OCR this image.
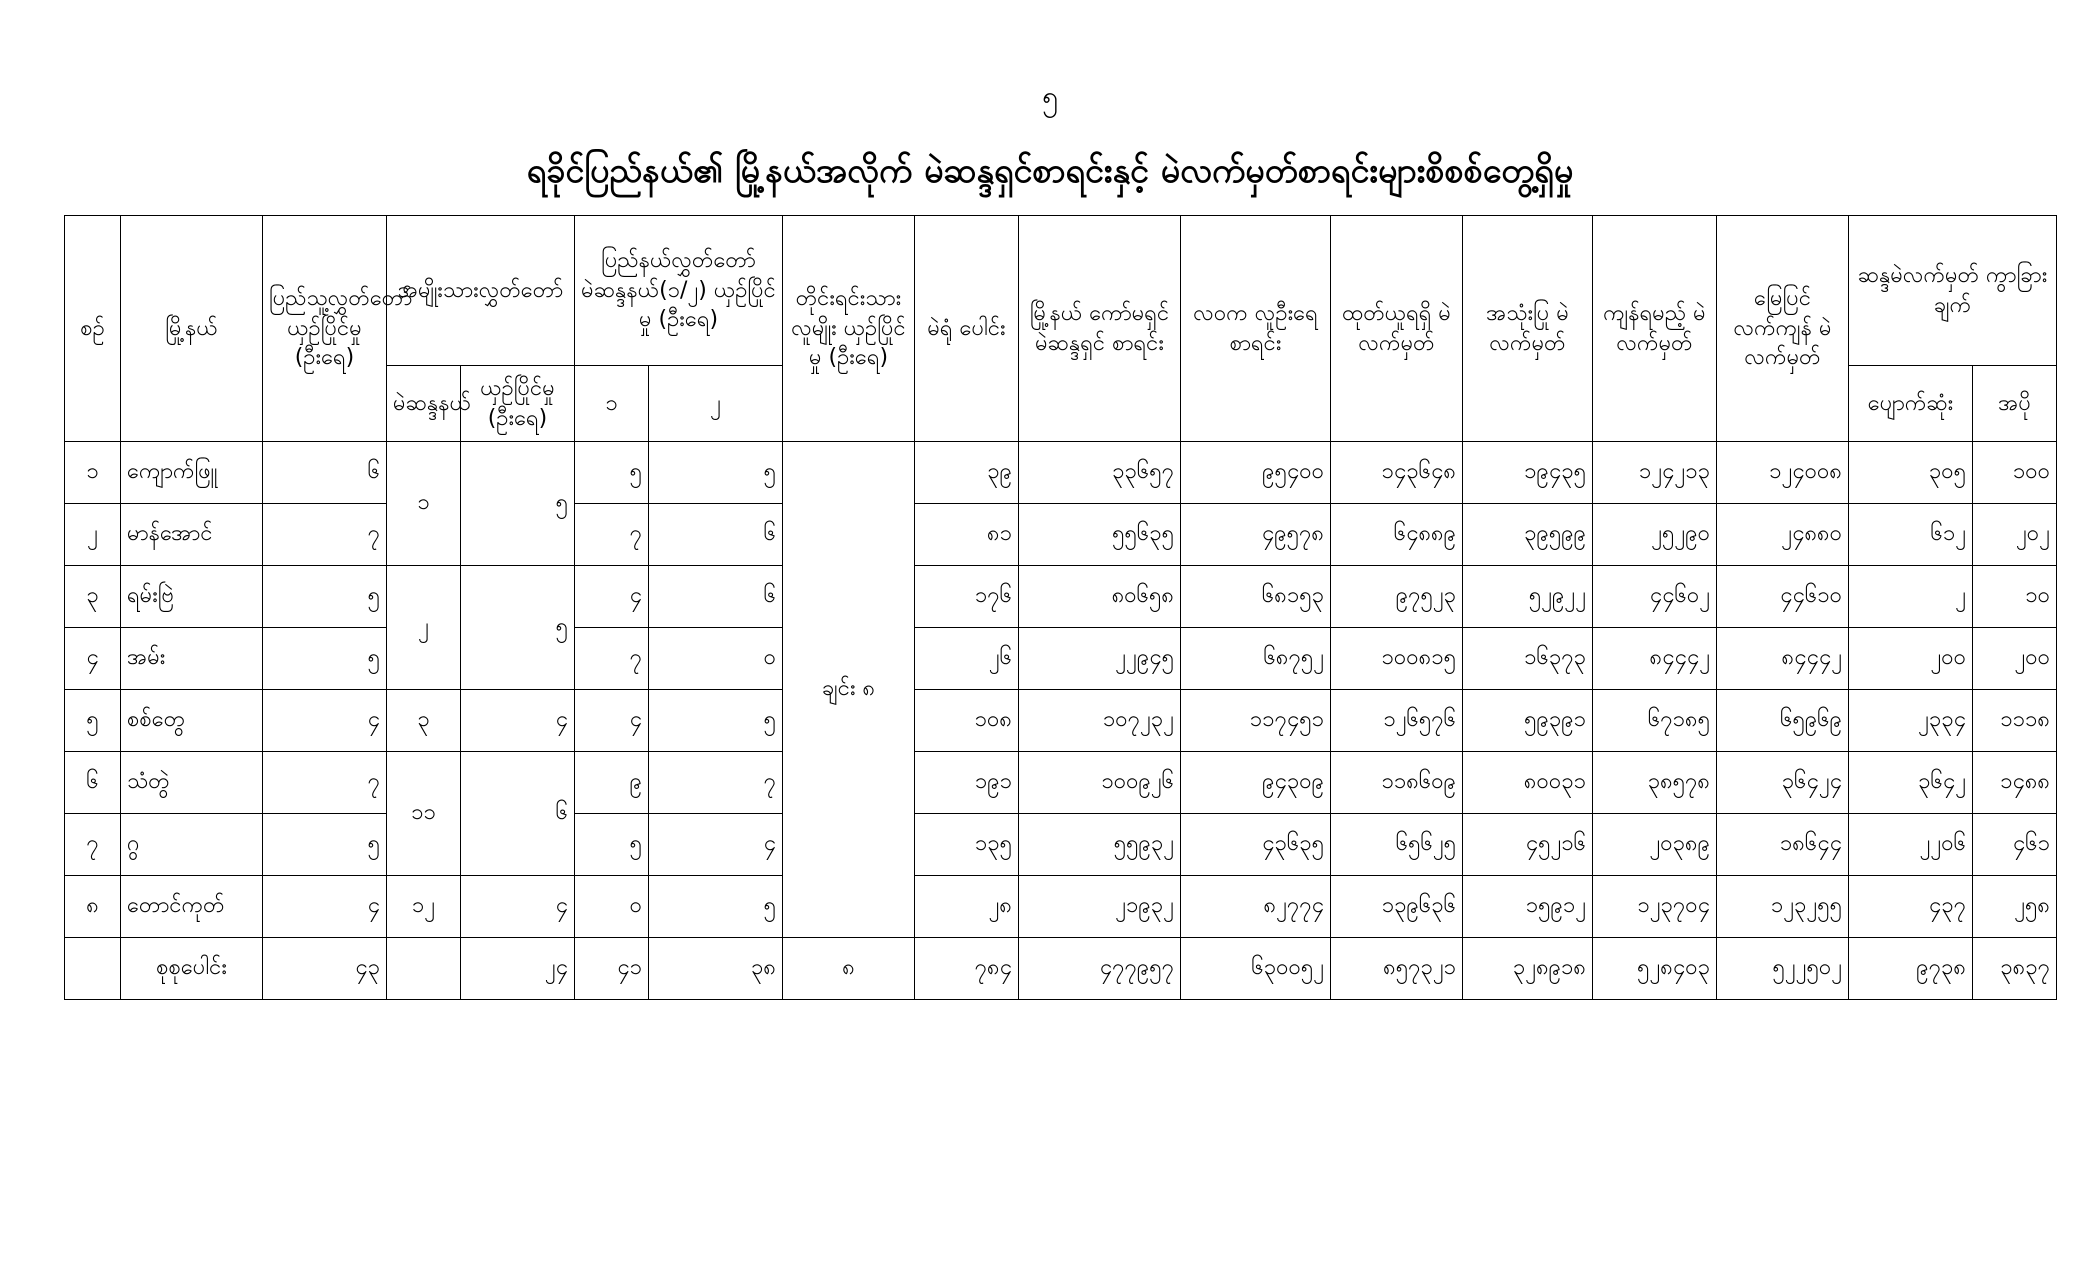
၅
ရခိုင်ပြည်နယ်၏ မြို့နယ်အလိုက် မဲဆန္ဒရှင်စာရင်းနှင့် မဲလက်မှတ်စာရင်းများစိစစ်တွေ့ရှိမှု
စဉ်	မြို့နယ်	ပြည်သူ့လွှတ်တော် ယှဉ်ပြိုင်မှု (ဦးရေ)	အမျိုးသားလွှတ်တော်		ပြည်နယ်လွှတ်တော် မဲဆန္ဒနယ်(၁/၂) ယှဉ်ပြိုင်မှု (ဦးရေ)		တိုင်းရင်းသား လူမျိုး ယှဉ်ပြိုင်မှု (ဦးရေ)	မဲရုံ ပေါင်း	မြို့နယ် ကော်မရှင် မဲဆန္ဒရှင် စာရင်း	လဝက လူဦးရေ စာရင်း	ထုတ်ယူရရှိ မဲလက်မှတ်	အသုံးပြု မဲလက်မှတ်	ကျန်ရမည့် မဲလက်မှတ်	မြေပြင် လက်ကျန် မဲလက်မှတ်	ဆန္ဒမဲလက်မှတ် ကွာခြားချက်	
			မဲဆန္ဒနယ်	ယှဉ်ပြိုင်မှု (ဦးရေ)	၁	၂									ပျောက်ဆုံး	အပို
၁	ကျောက်ဖြူ	၆	၁	၅	၅	၅	ချင်း ၈	၃၉	၃၃၆၅၇	၉၅၄၀၀	၁၄၃၆၄၈	၁၉၄၃၅	၁၂၄၂၁၃	၁၂၄၀၀၈	၃၀၅	၁၀၀
၂	မာန်အောင်	၇			၇	၆		၈၁	၅၅၆၃၅	၄၉၅၇၈	၆၄၈၈၉	၃၉၅၉၉	၂၅၂၉၀	၂၄၈၈၀	၆၁၂	၂၀၂
၃	ရမ်းဗြဲ	၅	၂	၅	၄	၆		၁၇၆	၈၀၆၅၈	၆၈၁၅၃	၉၇၅၂၃	၅၂၉၂၂	၄၄၆၀၂	၄၄၆၁၀	၂	၁၀
၄	အမ်း	၅			၇	၀		၂၆	၂၂၉၄၅	၆၈၇၅၂	၁၀၀၈၁၅	၁၆၃၇၃	၈၄၄၄၂	၈၄၄၄၂	၂၀၀	၂၀၀
၅	စစ်တွေ	၄	၃	၄	၄	၅		၁၀၈	၁၀၇၂၃၂	၁၁၇၄၅၁	၁၂၆၅၇၆	၅၉၃၉၁	၆၇၁၈၅	၆၅၉၆၉	၂၃၃၄	၁၁၁၈
၆	သံတွဲ	၇	၁၁	၆	၉	၇		၁၉၁	၁၀၀၉၂၆	၉၄၃၀၉	၁၁၈၆၀၉	၈၀၀၃၁	၃၈၅၇၈	၃၆၄၂၄	၃၆၄၂	၁၄၈၈
၇	ဂွ	၅			၅	၄		၁၃၅	၅၅၉၃၂	၄၃၆၃၅	၆၅၆၂၅	၄၅၂၁၆	၂၀၃၈၉	၁၈၆၄၄	၂၂၀၆	၄၆၁
၈	တောင်ကုတ်	၄	၁၂	၄	၀	၅		၂၈	၂၁၉၃၂	၈၂၇၇၄	၁၃၉၆၃၆	၁၅၉၁၂	၁၂၃၇၀၄	၁၂၃၂၅၅	၄၃၇	၂၅၈
	စုစုပေါင်း	၄၃		၂၄	၄၁	၃၈	၈	၇၈၄	၄၇၇၉၅၇	၆၃၀၀၅၂	၈၅၇၃၂၁	၃၂၈၉၁၈	၅၂၈၄၀၃	၅၂၂၅၀၂	၉၇၃၈	၃၈၃၇
